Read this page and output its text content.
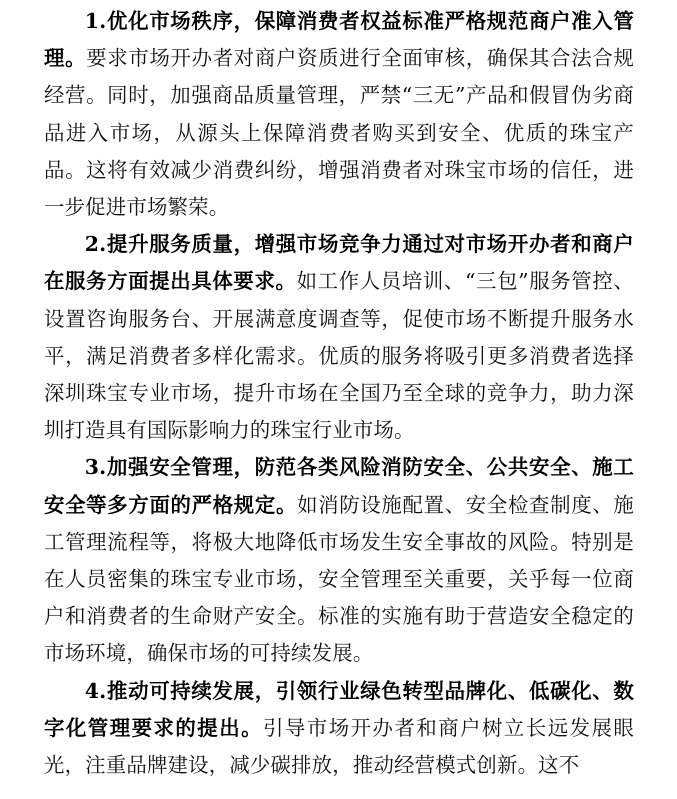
1.优化市场秩序，保障消费者权益标准严格规范商户准入管理。要求市场开办者对商户资质进行全面审核，确保其合法合规经营。同时，加强商品质量管理，严禁“三无”产品和假冒伪劣商品进入市场，从源头上保障消费者购买到安全、优质的珠宝产品。这将有效减少消费纠纷，增强消费者对珠宝市场的信任，进一步促进市场繁荣。

2.提升服务质量，增强市场竞争力通过对市场开办者和商户在服务方面提出具体要求。如工作人员培训、“三包”服务管控、设置咨询服务台、开展满意度调查等，促使市场不断提升服务水平，满足消费者多样化需求。优质的服务将吸引更多消费者选择深圳珠宝专业市场，提升市场在全国乃至全球的竞争力，助力深圳打造具有国际影响力的珠宝行业市场。

3.加强安全管理，防范各类风险消防安全、公共安全、施工安全等多方面的严格规定。如消防设施配置、安全检查制度、施工管理流程等，将极大地降低市场发生安全事故的风险。特别是在人员密集的珠宝专业市场，安全管理至关重要，关乎每一位商户和消费者的生命财产安全。标准的实施有助于营造安全稳定的市场环境，确保市场的可持续发展。

4.推动可持续发展，引领行业绿色转型品牌化、低碳化、数字化管理要求的提出。引导市场开办者和商户树立长远发展眼光，注重品牌建设，减少碳排放，推动经营模式创新。这不
